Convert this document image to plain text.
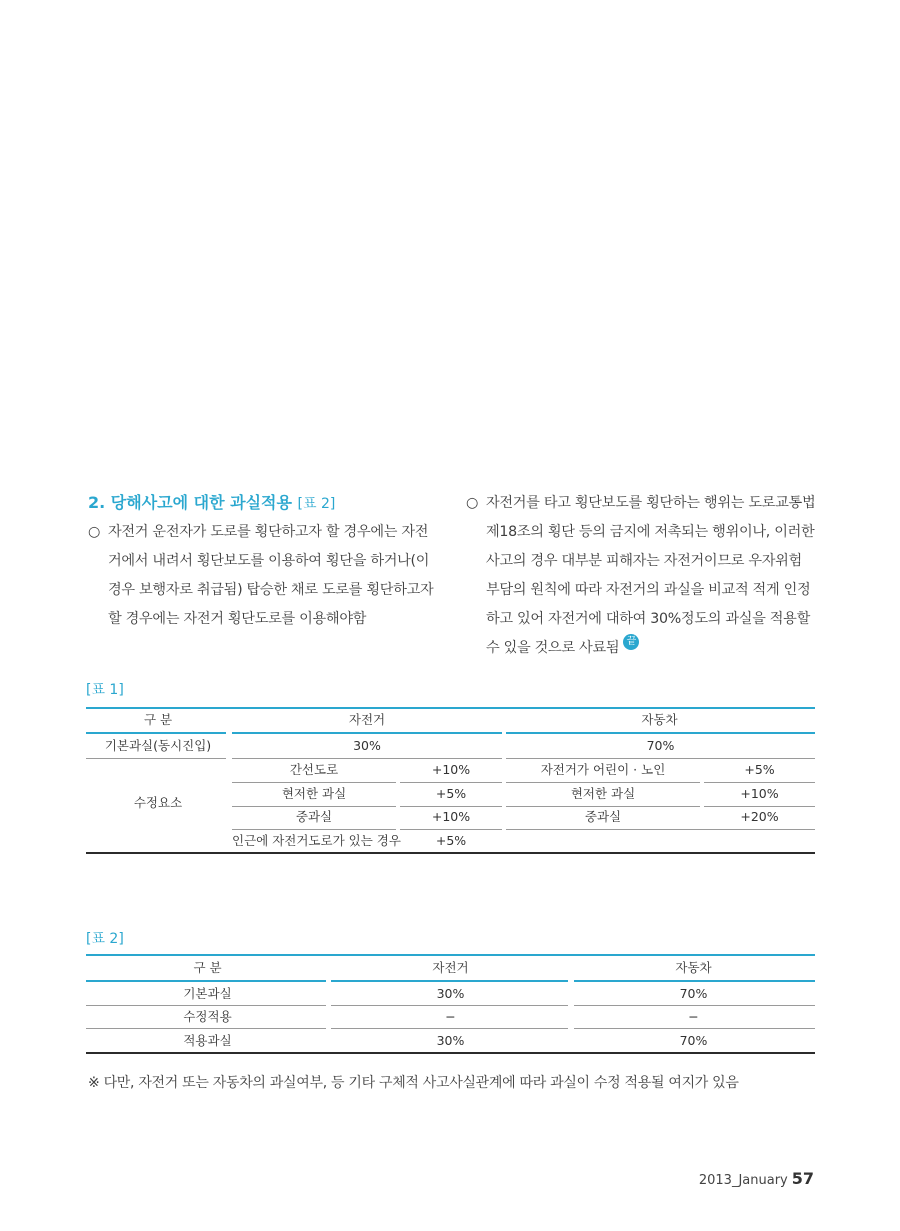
2. 당해사고에 대한 과실적용 [표 2]
○ 자전거 운전자가 도로를 횡단하고자 할 경우에는 자전
거에서 내려서 횡단보도를 이용하여 횡단을 하거나(이
경우 보행자로 취급됨) 탑승한 채로 도로를 횡단하고자
할 경우에는 자전거 횡단도로를 이용해야함
○ 자전거를 타고 횡단보도를 횡단하는 행위는 도로교통법
제18조의 횡단 등의 금지에 저촉되는 행위이나, 이러한
사고의 경우 대부분 피해자는 자전거이므로 우자위험
부담의 원칙에 따라 자전거의 과실을 비교적 적게 인정
하고 있어 자전거에 대하여 30%정도의 과실을 적용할
수 있을 것으로 사료됨 끝
[표 1]
구 분	자전거	자동차
기본과실(동시진입)	30%	70%
수정요소
간선도로	+10%	자전거가 어린이 · 노인	+5%
현저한 과실	+5%	현저한 과실	+10%
중과실	+10%	중과실	+20%
인근에 자전거도로가 있는 경우	+5%
[표 2]
구 분	자전거	자동차
기본과실	30%	70%
수정적용	−	−
적용과실	30%	70%
※ 다만, 자전거 또는 자동차의 과실여부, 등 기타 구체적 사고사실관계에 따라 과실이 수정 적용될 여지가 있음
2013_January 57
